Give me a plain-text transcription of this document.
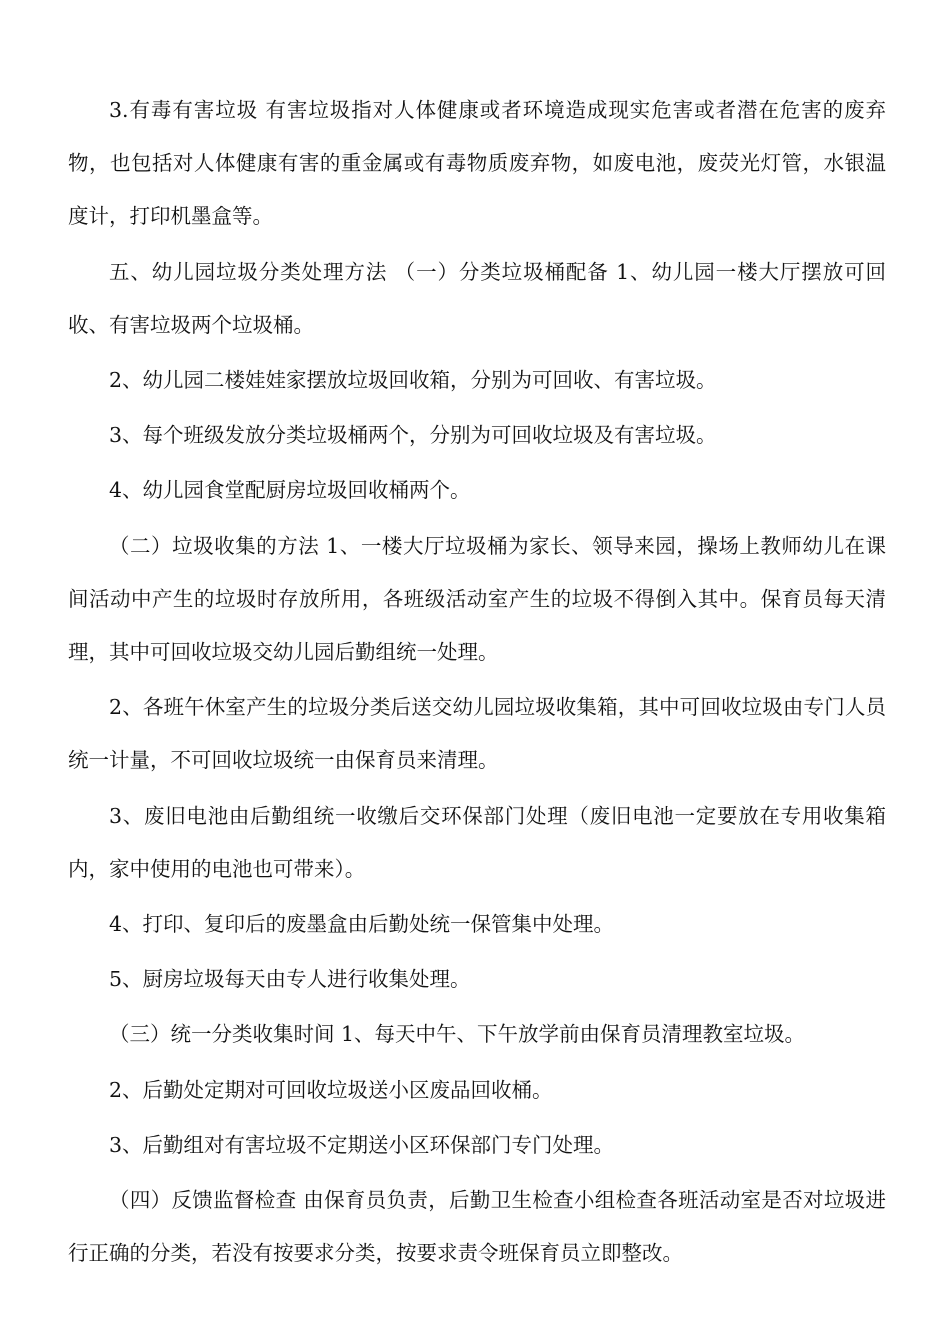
3.有毒有害垃圾 有害垃圾指对人体健康或者环境造成现实危害或者潜在危害的废弃物，也包括对人体健康有害的重金属或有毒物质废弃物，如废电池，废荧光灯管，水银温度计，打印机墨盒等。

五、幼儿园垃圾分类处理方法 （一）分类垃圾桶配备 1、幼儿园一楼大厅摆放可回收、有害垃圾两个垃圾桶。

2、幼儿园二楼娃娃家摆放垃圾回收箱，分别为可回收、有害垃圾。

3、每个班级发放分类垃圾桶两个，分别为可回收垃圾及有害垃圾。

4、幼儿园食堂配厨房垃圾回收桶两个。

（二）垃圾收集的方法 1、一楼大厅垃圾桶为家长、领导来园，操场上教师幼儿在课间活动中产生的垃圾时存放所用，各班级活动室产生的垃圾不得倒入其中。保育员每天清理，其中可回收垃圾交幼儿园后勤组统一处理。

2、各班午休室产生的垃圾分类后送交幼儿园垃圾收集箱，其中可回收垃圾由专门人员统一计量，不可回收垃圾统一由保育员来清理。

3、废旧电池由后勤组统一收缴后交环保部门处理（废旧电池一定要放在专用收集箱内，家中使用的电池也可带来）。

4、打印、复印后的废墨盒由后勤处统一保管集中处理。

5、厨房垃圾每天由专人进行收集处理。

（三）统一分类收集时间 1、每天中午、下午放学前由保育员清理教室垃圾。

2、后勤处定期对可回收垃圾送小区废品回收桶。

3、后勤组对有害垃圾不定期送小区环保部门专门处理。

（四）反馈监督检查 由保育员负责，后勤卫生检查小组检查各班活动室是否对垃圾进行正确的分类，若没有按要求分类，按要求责令班保育员立即整改。
